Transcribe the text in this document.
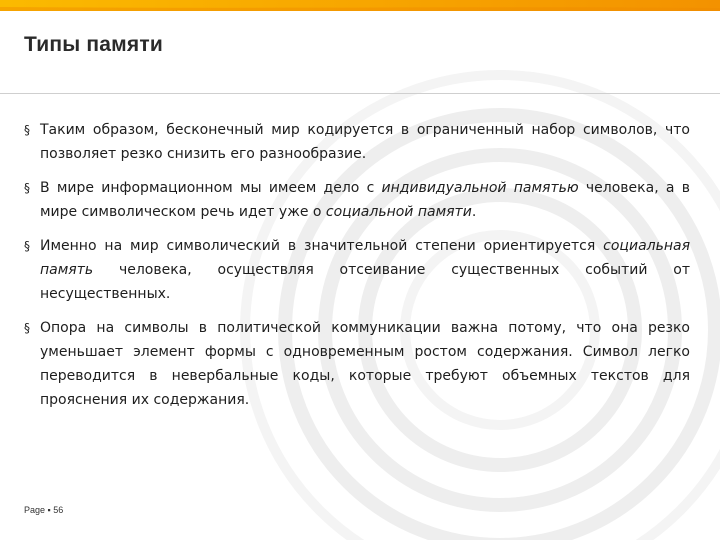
Типы памяти
§ Таким образом, бесконечный мир кодируется в ограниченный набор символов, что позволяет резко снизить его разнообразие.
§ В мире информационном мы имеем дело с индивидуальной памятью человека, а в мире символическом речь идет уже о социальной памяти.
§ Именно на мир символический в значительной степени ориентируется социальная память человека, осуществляя отсеивание существенных событий от несущественных.
§ Опора на символы в политической коммуникации важна потому, что она резко уменьшает элемент формы с одновременным ростом содержания. Символ легко переводится в невербальные коды, которые требуют объемных текстов для прояснения их содержания.
Page ▪ 56
